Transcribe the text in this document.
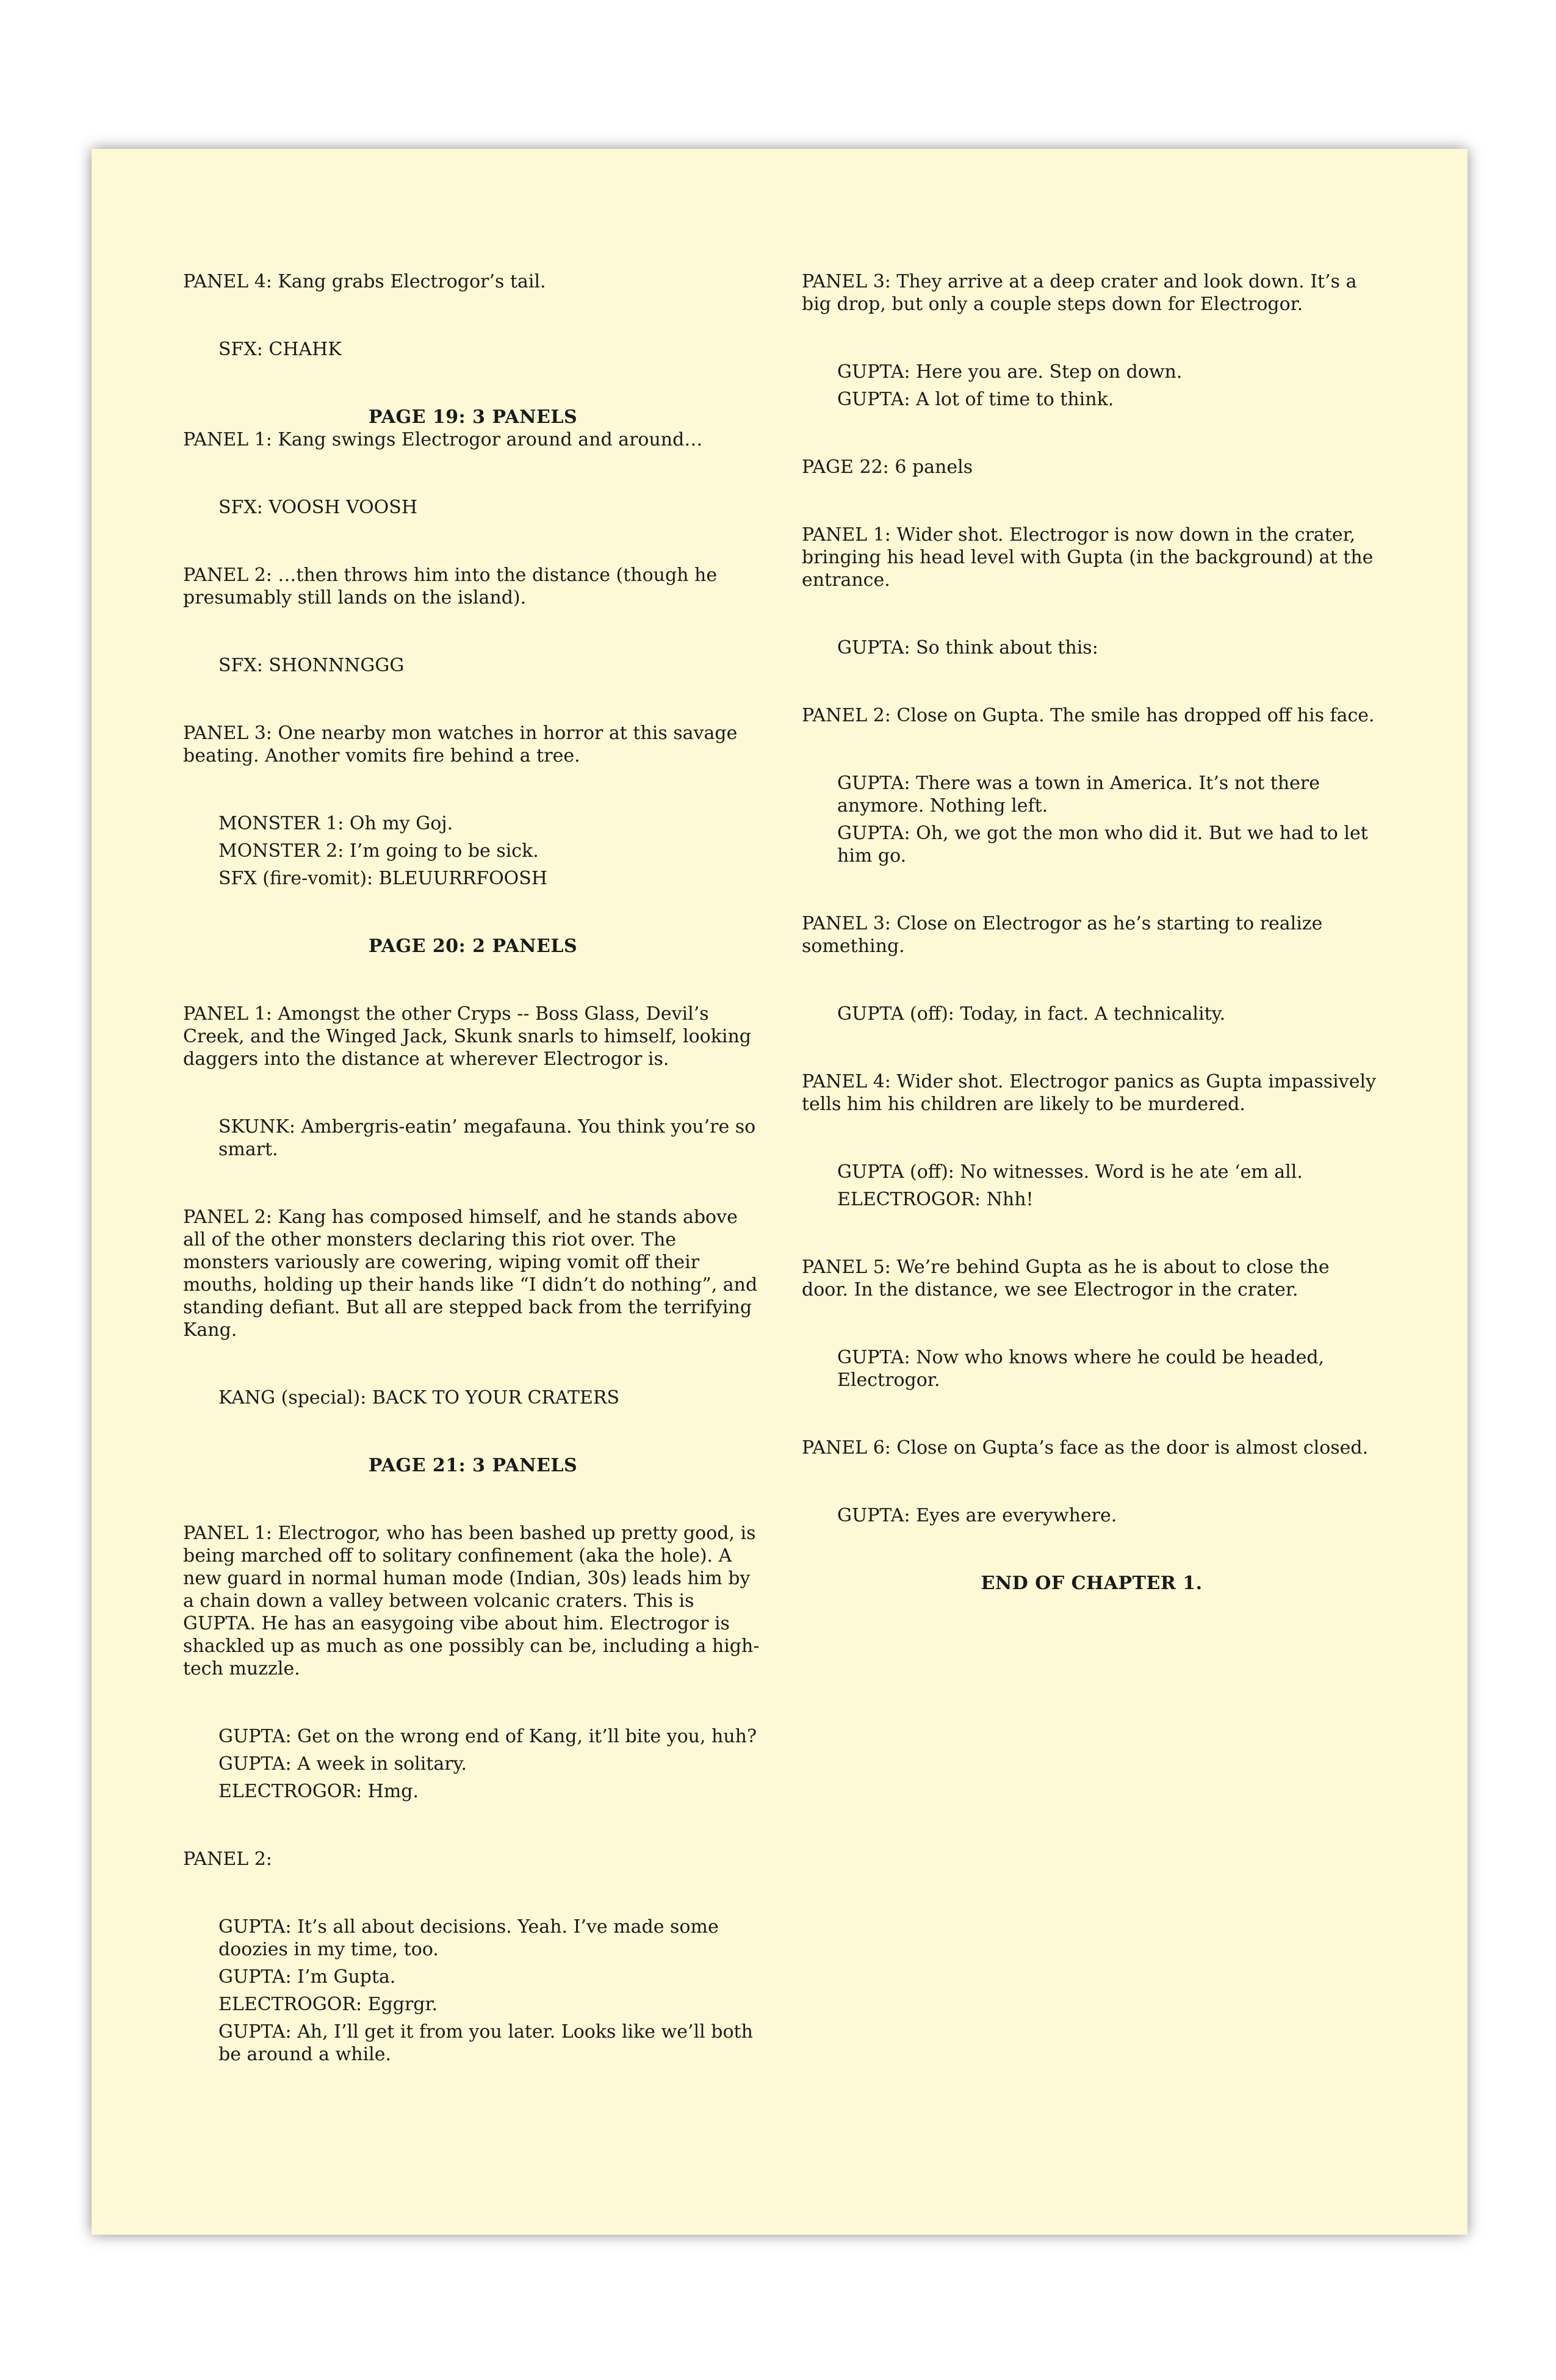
PANEL 4: Kang grabs Electrogor’s tail.

SFX: CHAHK

PAGE 19: 3 PANELS

PANEL 1: Kang swings Electrogor around and around…

SFX: VOOSH VOOSH

PANEL 2: …then throws him into the distance (though he presumably still lands on the island).

SFX: SHONNNGGG

PANEL 3: One nearby mon watches in horror at this savage beating. Another vomits fire behind a tree.

MONSTER 1: Oh my Goj.

MONSTER 2: I’m going to be sick.

SFX (fire-vomit): BLEUURRFOOSH

PAGE 20: 2 PANELS

PANEL 1: Amongst the other Cryps -- Boss Glass, Devil’s Creek, and the Winged Jack, Skunk snarls to himself, looking daggers into the distance at wherever Electrogor is.

SKUNK: Ambergris-eatin’ megafauna. You think you’re so smart.

PANEL 2: Kang has composed himself, and he stands above all of the other monsters declaring this riot over. The monsters variously are cowering, wiping vomit off their mouths, holding up their hands like “I didn’t do nothing”, and standing defiant. But all are stepped back from the terrifying Kang.

KANG (special): BACK TO YOUR CRATERS

PAGE 21: 3 PANELS

PANEL 1: Electrogor, who has been bashed up pretty good, is being marched off to solitary confinement (aka the hole). A new guard in normal human mode (Indian, 30s) leads him by a chain down a valley between volcanic craters. This is GUPTA. He has an easygoing vibe about him. Electrogor is shackled up as much as one possibly can be, including a high-tech muzzle.

GUPTA: Get on the wrong end of Kang, it’ll bite you, huh?

GUPTA: A week in solitary.

ELECTROGOR: Hmg.

PANEL 2:

GUPTA: It’s all about decisions. Yeah. I’ve made some doozies in my time, too.

GUPTA: I’m Gupta.

ELECTROGOR: Eggrgr.

GUPTA: Ah, I’ll get it from you later. Looks like we’ll both be around a while.

PANEL 3: They arrive at a deep crater and look down. It’s a big drop, but only a couple steps down for Electrogor.

GUPTA: Here you are. Step on down.

GUPTA: A lot of time to think.

PAGE 22: 6 panels

PANEL 1: Wider shot. Electrogor is now down in the crater, bringing his head level with Gupta (in the background) at the entrance.

GUPTA: So think about this:

PANEL 2: Close on Gupta. The smile has dropped off his face.

GUPTA: There was a town in America. It’s not there anymore. Nothing left.

GUPTA: Oh, we got the mon who did it. But we had to let him go.

PANEL 3: Close on Electrogor as he’s starting to realize something.

GUPTA (off): Today, in fact. A technicality.

PANEL 4: Wider shot. Electrogor panics as Gupta impassively tells him his children are likely to be murdered.

GUPTA (off): No witnesses. Word is he ate ‘em all.

ELECTROGOR: Nhh!

PANEL 5: We’re behind Gupta as he is about to close the door. In the distance, we see Electrogor in the crater.

GUPTA: Now who knows where he could be headed, Electrogor.

PANEL 6: Close on Gupta’s face as the door is almost closed.

GUPTA: Eyes are everywhere.

END OF CHAPTER 1.
